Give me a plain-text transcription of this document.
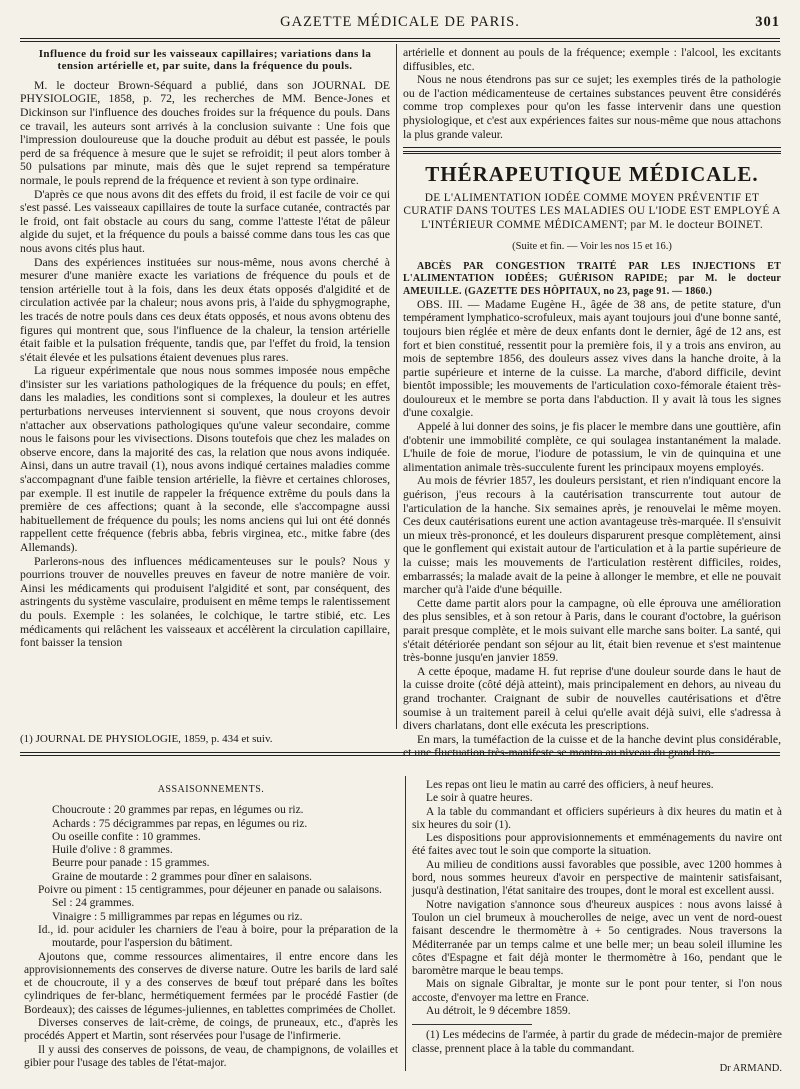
GAZETTE MÉDICALE DE PARIS.	301
Influence du froid sur les vaisseaux capillaires; variations dans la tension artérielle et, par suite, dans la fréquence du pouls.

M. le docteur Brown-Séquard a publié, dans son JOURNAL DE PHYSIOLOGIE, 1858, p. 72, les recherches de MM. Bence-Jones et Dickinson sur l'influence des douches froides sur la fréquence du pouls. Dans ce travail, les auteurs sont arrivés à la conclusion suivante : Une fois que l'impression douloureuse que la douche produit au début est passée, le pouls perd de sa fréquence à mesure que le sujet se refroidit; il peut alors tomber à 50 pulsations par minute, mais dès que le sujet reprend sa température normale, le pouls reprend de la fréquence et revient à son type ordinaire.

D'après ce que nous avons dit des effets du froid, il est facile de voir ce qui s'est passé. Les vaisseaux capillaires de toute la surface cutanée, contractés par le froid, ont fait obstacle au cours du sang, comme l'atteste l'état de pâleur algide du sujet, et la fréquence du pouls a baissé comme dans tous les cas que nous avons cités plus haut.

Dans des expériences instituées sur nous-même, nous avons cherché à mesurer d'une manière exacte les variations de fréquence du pouls et de tension artérielle tout à la fois, dans les deux états opposés d'algidité et de circulation activée par la chaleur; nous avons pris, à l'aide du sphygmographe, les tracés de notre pouls dans ces deux états opposés, et nous avons obtenu des figures qui montrent que, sous l'influence de la chaleur, la tension artérielle était faible et la pulsation fréquente, tandis que, par l'effet du froid, la tension s'était élevée et les pulsations étaient devenues plus rares.

La rigueur expérimentale que nous nous sommes imposée nous empêche d'insister sur les variations pathologiques de la fréquence du pouls; en effet, dans les maladies, les conditions sont si complexes, la douleur et les autres perturbations nerveuses interviennent si souvent, que nous croyons devoir n'attacher aux observations pathologiques qu'une valeur secondaire, comme nous le faisons pour les vivisections. Disons toutefois que chez les malades on observe encore, dans la majorité des cas, la relation que nous avons indiquée. Ainsi, dans un autre travail (1), nous avons indiqué certaines maladies comme s'accompagnant d'une faible tension artérielle, la fièvre et certaines chloroses, par exemple. Il est inutile de rappeler la fréquence extrême du pouls dans la première de ces affections; quant à la seconde, elle s'accompagne aussi habituellement de fréquence du pouls; les noms anciens qui lui ont été donnés rappellent cette fréquence (febris abba, febris virginea, etc., mitke fabre (des Allemands).

Parlerons-nous des influences médicamenteuses sur le pouls? Nous y pourrions trouver de nouvelles preuves en faveur de notre manière de voir. Ainsi les médicaments qui produisent l'algidité et sont, par conséquent, des astringents du système vasculaire, produisent en même temps le ralentissement du pouls. Exemple : les solanées, le colchique, le tartre stibié, etc. Les médicaments qui relâchent les vaisseaux et accélèrent la circulation capillaire, font baisser la tension

(1) JOURNAL DE PHYSIOLOGIE, 1859, p. 434 et suiv.

artérielle et donnent au pouls de la fréquence; exemple : l'alcool, les excitants diffusibles, etc.

Nous ne nous étendrons pas sur ce sujet; les exemples tirés de la pathologie ou de l'action médicamenteuse de certaines substances peuvent être considérés comme trop complexes pour qu'on les fasse intervenir dans une question physiologique, et c'est aux expériences faites sur nous-même que nous attachons la plus grande valeur.

THÉRAPEUTIQUE MÉDICALE.
DE L'ALIMENTATION IODÉE COMME MOYEN PRÉVENTIF ET CURATIF DANS TOUTES LES MALADIES OU L'IODE EST EMPLOYÉ A L'INTÉRIEUR COMME MÉDICAMENT; par M. le docteur BOINET.
(Suite et fin. — Voir les nos 15 et 16.)

ABCÈS PAR CONGESTION TRAITÉ PAR LES INJECTIONS ET L'ALIMENTATION IODÉES; GUÉRISON RAPIDE; par M. le docteur AMEUILLE. (GAZETTE DES HÔPITAUX, no 23, page 91. — 1860.)

OBS. III. — Madame Eugène H., âgée de 38 ans, de petite stature, d'un tempérament lymphatico-scrofuleux, mais ayant toujours joui d'une bonne santé, toujours bien réglée et mère de deux enfants dont le dernier, âgé de 12 ans, est fort et bien constitué, ressentit pour la première fois, il y a trois ans environ, au mois de septembre 1856, des douleurs assez vives dans la hanche droite, à la partie supérieure et interne de la cuisse. La marche, d'abord difficile, devint bientôt impossible; les mouvements de l'articulation coxo-fémorale étaient très-douloureux et le membre se porta dans l'abduction. Il y avait là tous les signes d'une coxalgie.

Appelé à lui donner des soins, je fis placer le membre dans une gouttière, afin d'obtenir une immobilité complète, ce qui soulagea instantanément la malade. L'huile de foie de morue, l'iodure de potassium, le vin de quinquina et une alimentation animale très-succulente furent les principaux moyens employés.

Au mois de février 1857, les douleurs persistant, et rien n'indiquant encore la guérison, j'eus recours à la cautérisation transcurrente tout autour de l'articulation de la hanche. Six semaines après, je renouvelai le même moyen. Ces deux cautérisations eurent une action avantageuse très-marquée. Il s'ensuivit un mieux très-prononcé, et les douleurs disparurent presque complètement, ainsi que le gonflement qui existait autour de l'articulation et à la partie supérieure de la cuisse; mais les mouvements de l'articulation restèrent difficiles, roides, embarrassés; la malade avait de la peine à allonger le membre, et elle ne pouvait marcher qu'à l'aide d'une béquille.

Cette dame partit alors pour la campagne, où elle éprouva une amélioration des plus sensibles, et à son retour à Paris, dans le courant d'octobre, la guérison parait presque complète, et le mois suivant elle marche sans boiter. La santé, qui s'était détériorée pendant son séjour au lit, était bien revenue et s'est maintenue très-bonne jusqu'en janvier 1859.

A cette époque, madame H. fut reprise d'une douleur sourde dans le haut de la cuisse droite (côté déjà atteint), mais principalement en dehors, au niveau du grand trochanter. Craignant de subir de nouvelles cautérisations et d'être soumise à un traitement pareil à celui qu'elle avait déjà suivi, elle s'adressa à divers charlatans, dont elle exécuta les prescriptions.

En mars, la tuméfaction de la cuisse et de la hanche devint plus considérable, et une fluctuation très-manifeste se montra au niveau du grand tro-

ASSAISONNEMENTS.

Choucroute : 20 grammes par repas, en légumes ou riz.

Achards : 75 décigrammes par repas, en légumes ou riz.

Ou oseille confite : 10 grammes.

Huile d'olive : 8 grammes.

Beurre pour panade : 15 grammes.

Graine de moutarde : 2 grammes pour dîner en salaisons.

Poivre ou piment : 15 centigrammes, pour déjeuner en panade ou salaisons.

Sel : 24 grammes.

Vinaigre : 5 milligrammes par repas en légumes ou riz.

Id., id. pour aciduler les charniers de l'eau à boire, pour la préparation de la moutarde, pour l'aspersion du bâtiment.

Ajoutons que, comme ressources alimentaires, il entre encore dans les approvisionnements des conserves de diverse nature. Outre les barils de lard salé et de choucroute, il y a des conserves de bœuf tout préparé dans les boîtes cylindriques de fer-blanc, hermétiquement fermées par le procédé Fastier (de Bordeaux); des caisses de légumes-juliennes, en tablettes comprimées de Chollet.

Diverses conserves de lait-crème, de coings, de pruneaux, etc., d'après les procédés Appert et Martin, sont réservées pour l'usage de l'infirmerie.

Il y aussi des conserves de poissons, de veau, de champignons, de volailles et gibier pour l'usage des tables de l'état-major.

Les repas ont lieu le matin au carré des officiers, à neuf heures.

Le soir à quatre heures.

A la table du commandant et officiers supérieurs à dix heures du matin et à six heures du soir (1).

Les dispositions pour approvisionnements et emménagements du navire ont été faites avec tout le soin que comporte la situation.

Au milieu de conditions aussi favorables que possible, avec 1200 hommes à bord, nous sommes heureux d'avoir en perspective de maintenir satisfaisant, jusqu'à destination, l'état sanitaire des troupes, dont le moral est excellent aussi.

Notre navigation s'annonce sous d'heureux auspices : nous avons laissé à Toulon un ciel brumeux à moucherolles de neige, avec un vent de nord-ouest faisant descendre le thermomètre à + 5o centigrades. Nous traversons la Méditerranée par un temps calme et une belle mer; un beau soleil illumine les côtes d'Espagne et fait déjà monter le thermomètre à 16o, pendant que le baromètre marque le beau temps.

Mais on signale Gibraltar, je monte sur le pont pour tenter, si l'on nous accoste, d'envoyer ma lettre en France.

Au détroit, le 9 décembre 1859.

(1) Les médecins de l'armée, à partir du grade de médecin-major de première classe, prennent place à la table du commandant.

Dr ARMAND.
